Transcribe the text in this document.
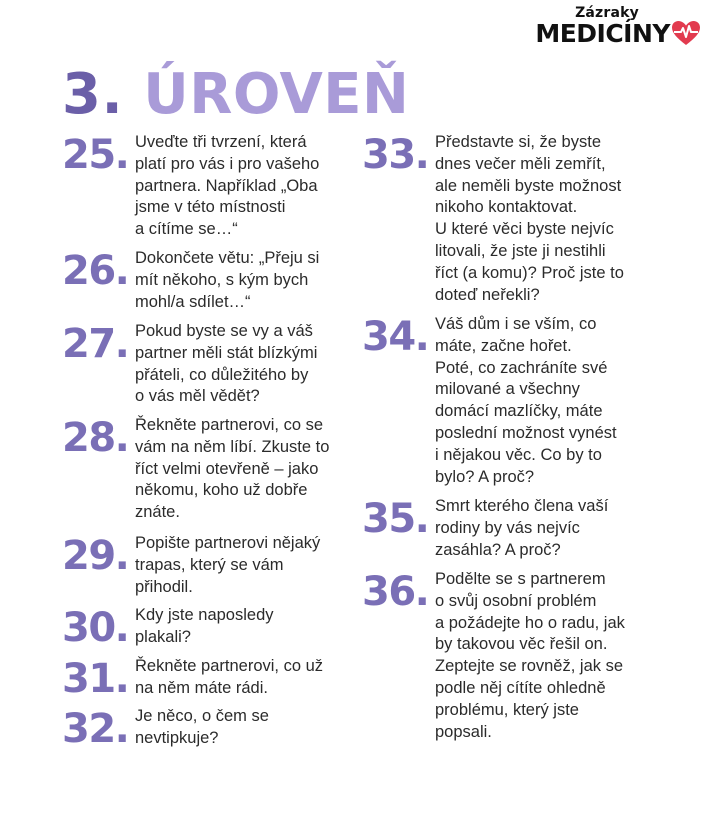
Zázraky
MEDICÍNY
3. ÚROVEŇ
25. Uveďte tři tvrzení, která
platí pro vás i pro vašeho
partnera. Například „Oba
jsme v této místnosti
a cítíme se…“
26. Dokončete větu: „Přeju si
mít někoho, s kým bych
mohl/a sdílet…“
27. Pokud byste se vy a váš
partner měli stát blízkými
přáteli, co důležitého by
o vás měl vědět?
28. Řekněte partnerovi, co se
vám na něm líbí. Zkuste to
říct velmi otevřeně – jako
někomu, koho už dobře
znáte.
29. Popište partnerovi nějaký
trapas, který se vám
přihodil.
30. Kdy jste naposledy
plakali?
31. Řekněte partnerovi, co už
na něm máte rádi.
32. Je něco, o čem se
nevtipkuje?
33. Představte si, že byste
dnes večer měli zemřít,
ale neměli byste možnost
nikoho kontaktovat.
U které věci byste nejvíc
litovali, že jste ji nestihli
říct (a komu)? Proč jste to
doteď neřekli?
34. Váš dům i se vším, co
máte, začne hořet.
Poté, co zachráníte své
milované a všechny
domácí mazlíčky, máte
poslední možnost vynést
i nějakou věc. Co by to
bylo? A proč?
35. Smrt kterého člena vaší
rodiny by vás nejvíc
zasáhla? A proč?
36. Poděltе se s partnerem
o svůj osobní problém
a požádejte ho o radu, jak
by takovou věc řešil on.
Zeptejte se rovněž, jak se
podle něj cítíte ohledně
problému, který jste
popsali.
